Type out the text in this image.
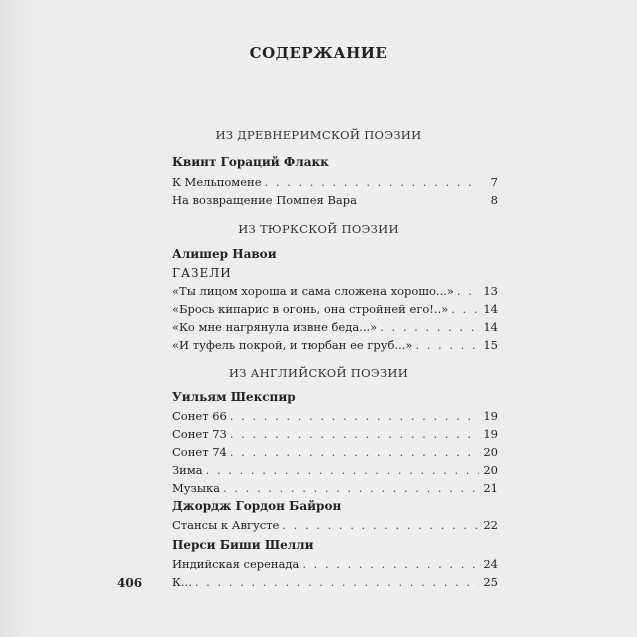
СОДЕРЖАНИЕ
ИЗ ДРЕВНЕРИМСКОЙ ПОЭЗИИ
Квинт Гораций Флакк
К Мельпомене . . .	7
На возвращение Помпея Вара	8
ИЗ ТЮРКСКОЙ ПОЭЗИИ
Алишер Навои
ГАЗЕЛИ
«Ты лицом хороша и сама сложена хорошо...» . . .	13
«Брось кипарис в огонь, она стройней его!..» . . .	14
«Ко мне нагрянула извне беда...» . . .	14
«И туфель покрой, и тюрбан ее груб...» . . .	15
ИЗ АНГЛИЙСКОЙ ПОЭЗИИ
Уильям Шекспир
Сонет 66 . . .	19
Сонет 73 . . .	19
Сонет 74 . . .	20
Зима . . .	20
Музыка . . .	21
Джордж Гордон Байрон
Стансы к Августе . . .	22
Перси Биши Шелли
Индийская серенада . . .	24
К... . . .	25
406
